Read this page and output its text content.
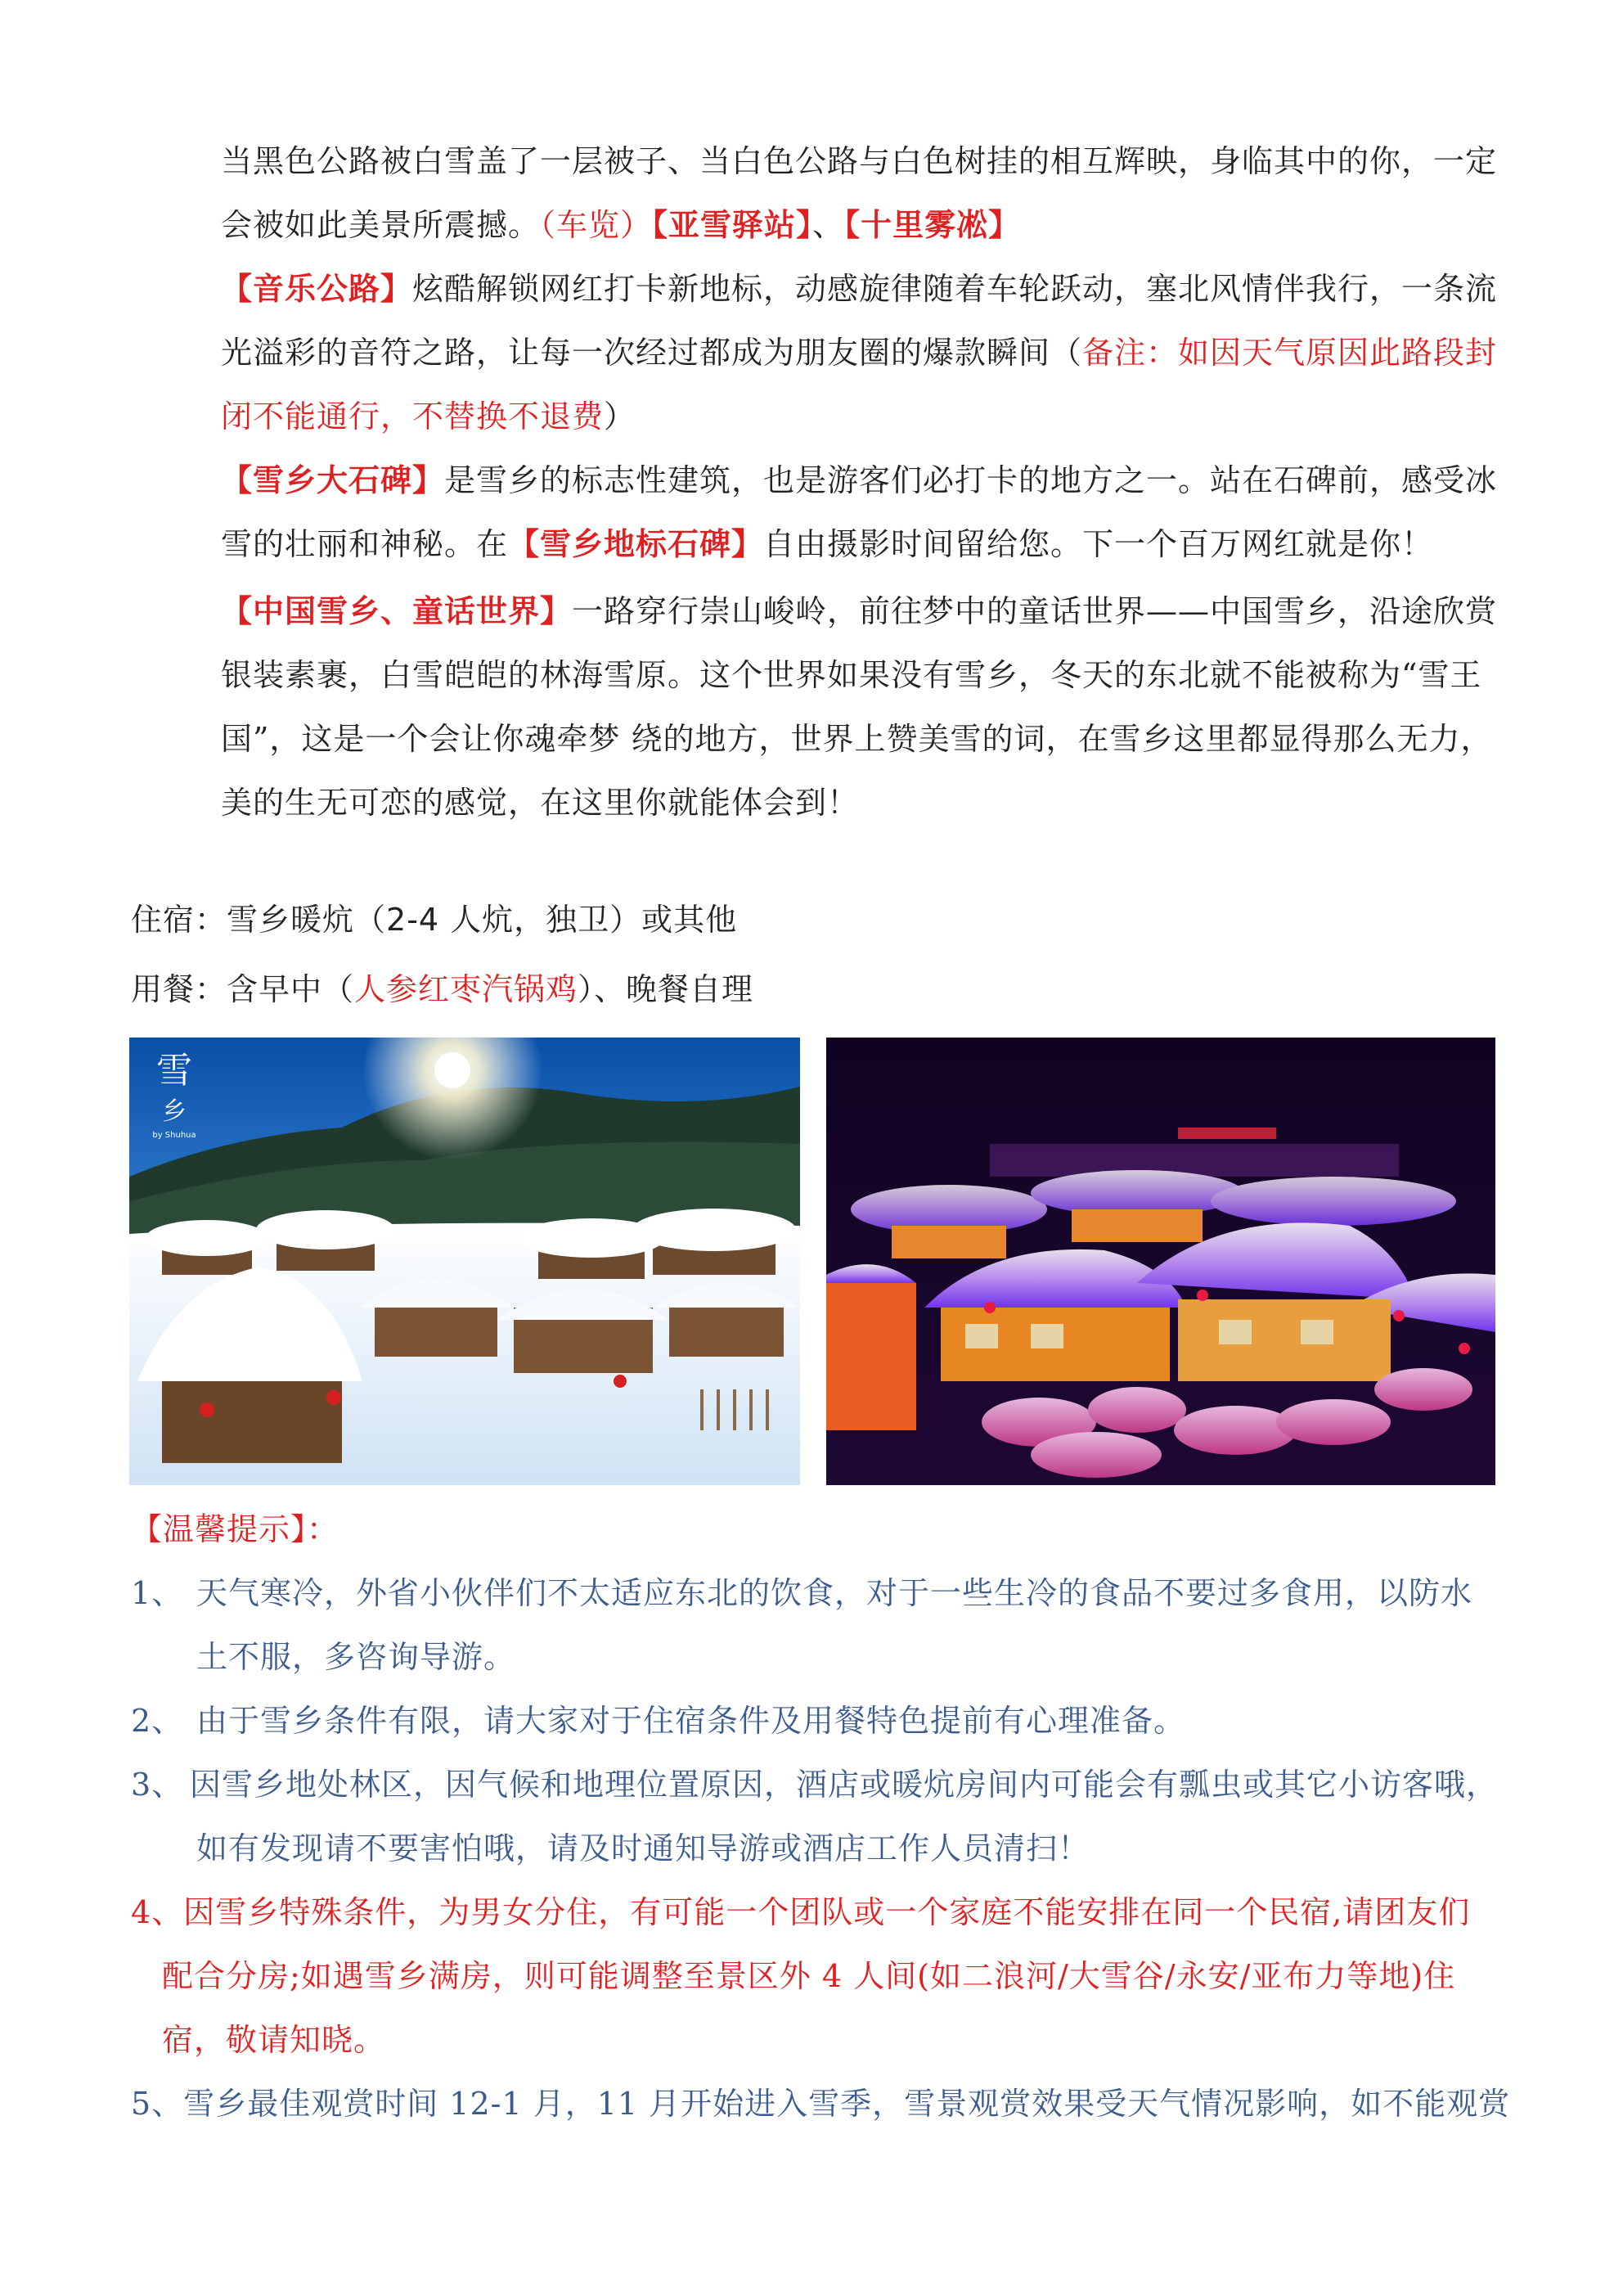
当黑色公路被白雪盖了一层被子、当白色公路与白色树挂的相互辉映，身临其中的你，一定会被如此美景所震撼。（车览）【亚雪驿站】、【十里雾凇】
【音乐公路】炫酷解锁网红打卡新地标，动感旋律随着车轮跃动，塞北风情伴我行，一条流光溢彩的音符之路，让每一次经过都成为朋友圈的爆款瞬间（备注：如因天气原因此路段封闭不能通行，不替换不退费）
【雪乡大石碑】是雪乡的标志性建筑，也是游客们必打卡的地方之一。站在石碑前，感受冰雪的壮丽和神秘。在【雪乡地标石碑】自由摄影时间留给您。下一个百万网红就是你！
【中国雪乡、童话世界】一路穿行崇山峻岭，前往梦中的童话世界——中国雪乡，沿途欣赏银装素裹，白雪皑皑的林海雪原。这个世界如果没有雪乡，冬天的东北就不能被称为“雪王国”，这是一个会让你魂牵梦 绕的地方，世界上赞美雪的词，在雪乡这里都显得那么无力，美的生无可恋的感觉，在这里你就能体会到！
住宿：雪乡暖炕（2-4 人炕，独卫）或其他
用餐：含早中（人参红枣汽锅鸡）、晚餐自理
雪
乡
by Shuhua
【温馨提示】：
1、 天气寒冷，外省小伙伴们不太适应东北的饮食，对于一些生冷的食品不要过多食用，以防水
土不服，多咨询导游。
2、 由于雪乡条件有限，请大家对于住宿条件及用餐特色提前有心理准备。
3、 因雪乡地处林区，因气候和地理位置原因，酒店或暖炕房间内可能会有瓢虫或其它小访客哦，
如有发现请不要害怕哦，请及时通知导游或酒店工作人员清扫！
4、因雪乡特殊条件，为男女分住，有可能一个团队或一个家庭不能安排在同一个民宿,请团友们
配合分房;如遇雪乡满房，则可能调整至景区外 4 人间(如二浪河/大雪谷/永安/亚布力等地)住
宿，敬请知晓。
5、雪乡最佳观赏时间 12-1 月，11 月开始进入雪季，雪景观赏效果受天气情况影响，如不能观赏
